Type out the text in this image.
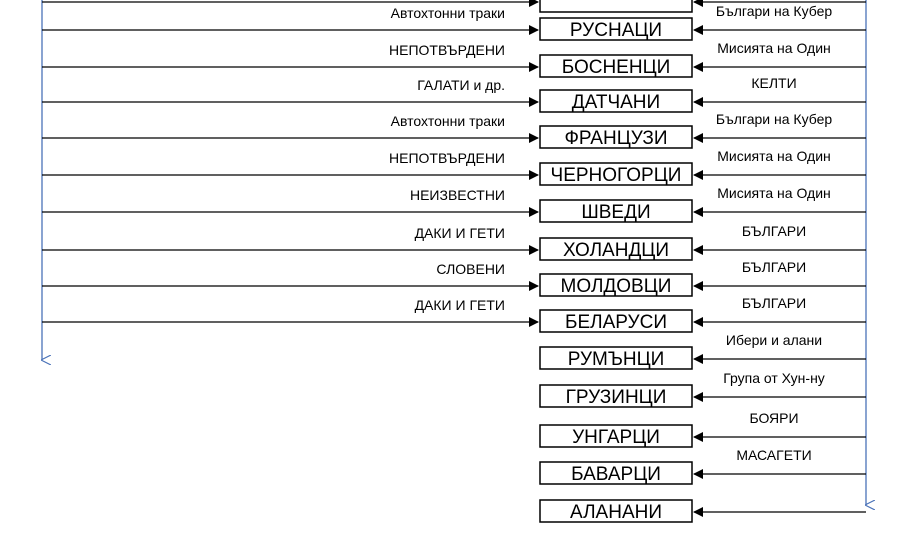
РУСНАЦИ
Автохтонни траки	Българи на Кубер
БОСНЕНЦИ
НЕПОТВЪРДЕНИ	Мисията на Один
ДАТЧАНИ
ГАЛАТИ и др.	КЕЛТИ
ФРАНЦУЗИ
Автохтонни траки	Българи на Кубер
ЧЕРНОГОРЦИ
НЕПОТВЪРДЕНИ	Мисията на Один
ШВЕДИ
НЕИЗВЕСТНИ	Мисията на Один
ХОЛАНДЦИ
ДАКИ И ГЕТИ	БЪЛГАРИ
МОЛДОВЦИ
СЛОВЕНИ	БЪЛГАРИ
БЕЛАРУСИ
ДАКИ И ГЕТИ	БЪЛГАРИ
РУМЪНЦИ
Ибери и алани
ГРУЗИНЦИ
Група от Хун-ну
УНГАРЦИ
БОЯРИ
БАВАРЦИ
МАСАГЕТИ
АЛАНАНИ
